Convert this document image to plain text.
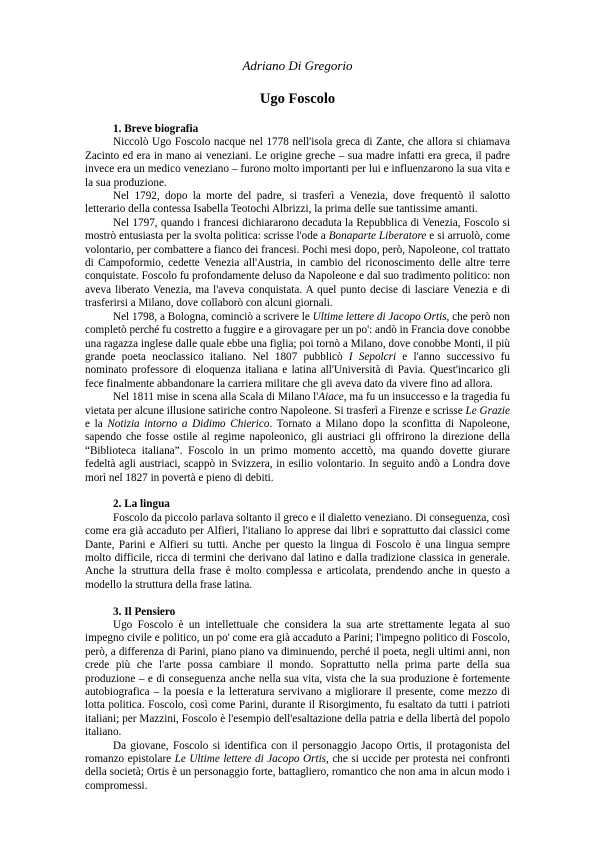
Adriano Di Gregorio
Ugo Foscolo
1. Breve biografia

Niccolò Ugo Foscolo nacque nel 1778 nell'isola greca di Zante, che allora si chiamava Zacinto ed era in mano ai veneziani. Le origine greche – sua madre infatti era greca, il padre invece era un medico veneziano – furono molto importanti per lui e influenzarono la sua vita e la sua produzione.

Nel 1792, dopo la morte del padre, si trasferì a Venezia, dove frequentò il salotto letterario della contessa Isabella Teotochi Albrizzi, la prima delle sue tantissime amanti.

Nel 1797, quando i francesi dichiararono decaduta la Repubblica di Venezia, Foscolo si mostrò entusiasta per la svolta politica: scrisse l'ode a Bonaparte Liberatore e si arruolò, come volontario, per combattere a fianco dei francesi. Pochi mesi dopo, però, Napoleone, col trattato di Campoformio, cedette Venezia all'Austria, in cambio del riconoscimento delle altre terre conquistate. Foscolo fu profondamente deluso da Napoleone e dal suo tradimento politico: non aveva liberato Venezia, ma l'aveva conquistata. A quel punto decise di lasciare Venezia e di trasferirsi a Milano, dove collaborò con alcuni giornali.

Nel 1798, a Bologna, cominciò a scrivere le Ultime lettere di Jacopo Ortis, che però non completò perché fu costretto a fuggire e a girovagare per un po': andò in Francia dove conobbe una ragazza inglese dalle quale ebbe una figlia; poi tornò a Milano, dove conobbe Monti, il più grande poeta neoclassico italiano. Nel 1807 pubblicò I Sepolcri e l'anno successivo fu nominato professore di eloquenza italiana e latina all'Università di Pavia. Quest'incarico gli fece finalmente abbandonare la carriera militare che gli aveva dato da vivere fino ad allora.

Nel 1811 mise in scena alla Scala di Milano l'Aiace, ma fu un insuccesso e la tragedia fu vietata per alcune illusione satiriche contro Napoleone. Si trasferì a Firenze e scrisse Le Grazie e la Notizia intorno a Didimo Chierico. Tornato a Milano dopo la sconfitta di Napoleone, sapendo che fosse ostile al regime napoleonico, gli austriaci gli offrirono la direzione della “Biblioteca italiana”. Foscolo in un primo momento accettò, ma quando dovette giurare fedeltà agli austriaci, scappò in Svizzera, in esilio volontario. In seguito andò a Londra dove morì nel 1827 in povertà e pieno di debiti.

2. La lingua

Foscolo da piccolo parlava soltanto il greco e il dialetto veneziano. Di conseguenza, così come era già accaduto per Alfieri, l'italiano lo apprese dai libri e soprattutto dai classici come Dante, Parini e Alfieri su tutti. Anche per questo la lingua di Foscolo è una lingua sempre molto difficile, ricca di termini che derivano dal latino e dalla tradizione classica in generale. Anche la struttura della frase è molto complessa e articolata, prendendo anche in questo a modello la struttura della frase latina.

3. Il Pensiero

Ugo Foscolo è un intellettuale che considera la sua arte strettamente legata al suo impegno civile e politico, un po' come era già accaduto a Parini; l'impegno politico di Foscolo, però, a differenza di Parini, piano piano va diminuendo, perché il poeta, negli ultimi anni, non crede più che l'arte possa cambiare il mondo. Soprattutto nella prima parte della sua produzione – e di conseguenza anche nella sua vita, vista che la sua produzione è fortemente autobiografica – la poesia e la letteratura servivano a migliorare il presente, come mezzo di lotta politica. Foscolo, così come Parini, durante il Risorgimento, fu esaltato da tutti i patrioti italiani; per Mazzini, Foscolo è l'esempio dell'esaltazione della patria e della libertà del popolo italiano.

Da giovane, Foscolo si identifica con il personaggio Jacopo Ortis, il protagonista del romanzo epistolare Le Ultime lettere di Jacopo Ortis, che si uccide per protesta nei confronti della società; Ortis è un personaggio forte, battagliero, romantico che non ama in alcun modo i compromessi.
